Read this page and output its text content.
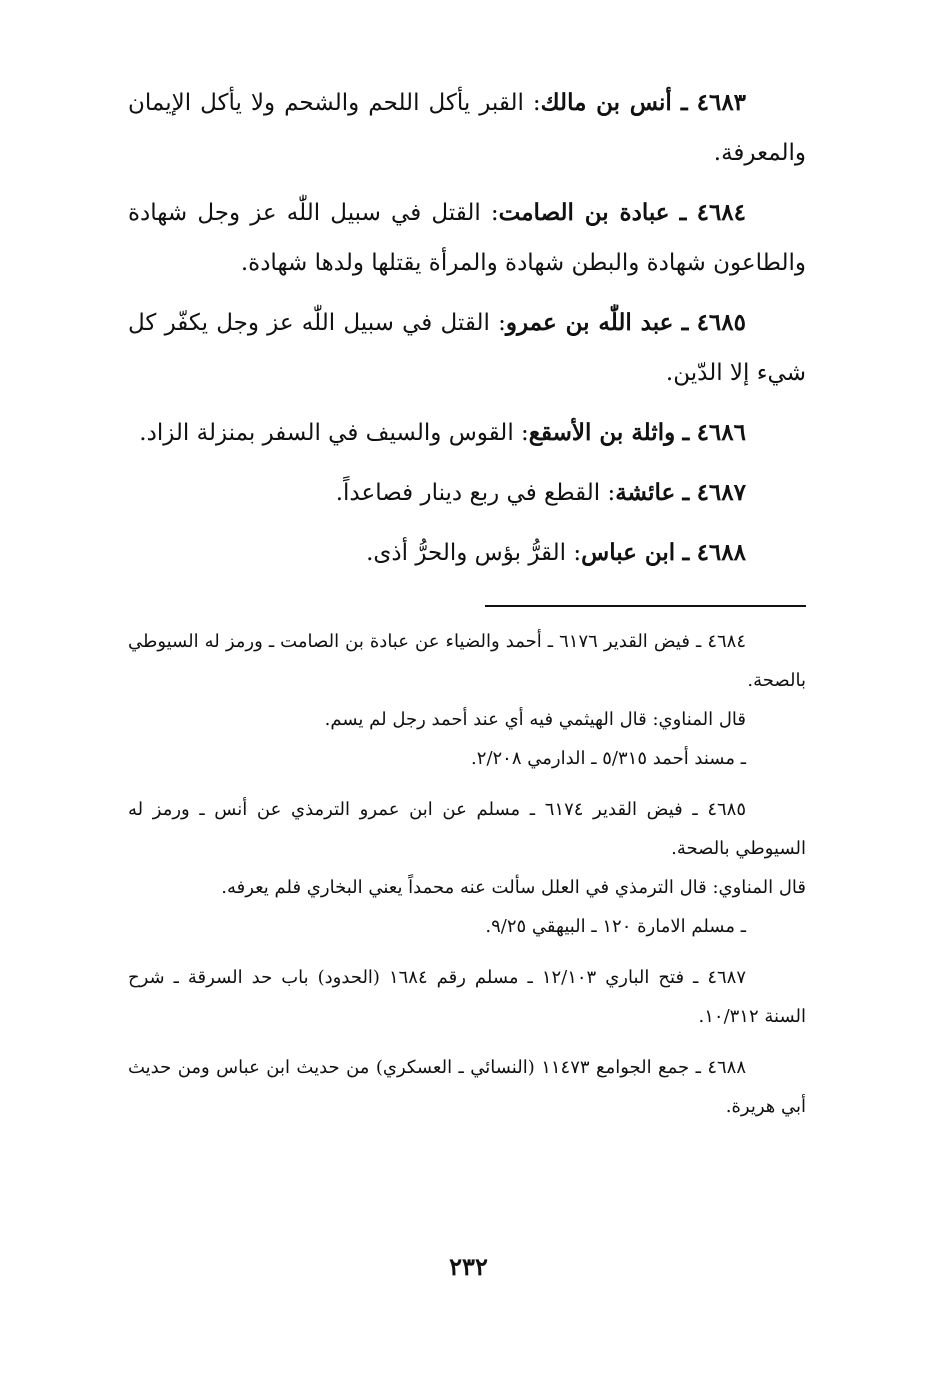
٤٦٨٣ ـ أنس بن مالك: القبر يأكل اللحم والشحم ولا يأكل الإيمان والمعرفة.

٤٦٨٤ ـ عبادة بن الصامت: القتل في سبيل اللّٰه عز وجل شهادة والطاعون شهادة والبطن شهادة والمرأة يقتلها ولدها شهادة.

٤٦٨٥ ـ عبد اللّٰه بن عمرو: القتل في سبيل اللّٰه عز وجل يكفّر كل شيء إلا الدّين.

٤٦٨٦ ـ واثلة بن الأسقع: القوس والسيف في السفر بمنزلة الزاد.

٤٦٨٧ ـ عائشة: القطع في ربع دينار فصاعداً.

٤٦٨٨ ـ ابن عباس: القرُّ بؤس والحرُّ أذى.

٤٦٨٤ ـ فيض القدير ٦١٧٦ ـ أحمد والضياء عن عبادة بن الصامت ـ ورمز له السيوطي بالصحة.

قال المناوي: قال الهيثمي فيه أي عند أحمد رجل لم يسم.

ـ مسند أحمد ٥/٣١٥ ـ الدارمي ٢/٢٠٨.

٤٦٨٥ ـ فيض القدير ٦١٧٤ ـ مسلم عن ابن عمرو الترمذي عن أنس ـ ورمز له السيوطي بالصحة.

قال المناوي: قال الترمذي في العلل سألت عنه محمداً يعني البخاري فلم يعرفه.

ـ مسلم الامارة ١٢٠ ـ البيهقي ٩/٢٥.

٤٦٨٧ ـ فتح الباري ١٢/١٠٣ ـ مسلم رقم ١٦٨٤ (الحدود) باب حد السرقة ـ شرح السنة ١٠/٣١٢.

٤٦٨٨ ـ جمع الجوامع ١١٤٧٣ (النسائي ـ العسكري) من حديث ابن عباس ومن حديث أبي هريرة.

٢٣٢
